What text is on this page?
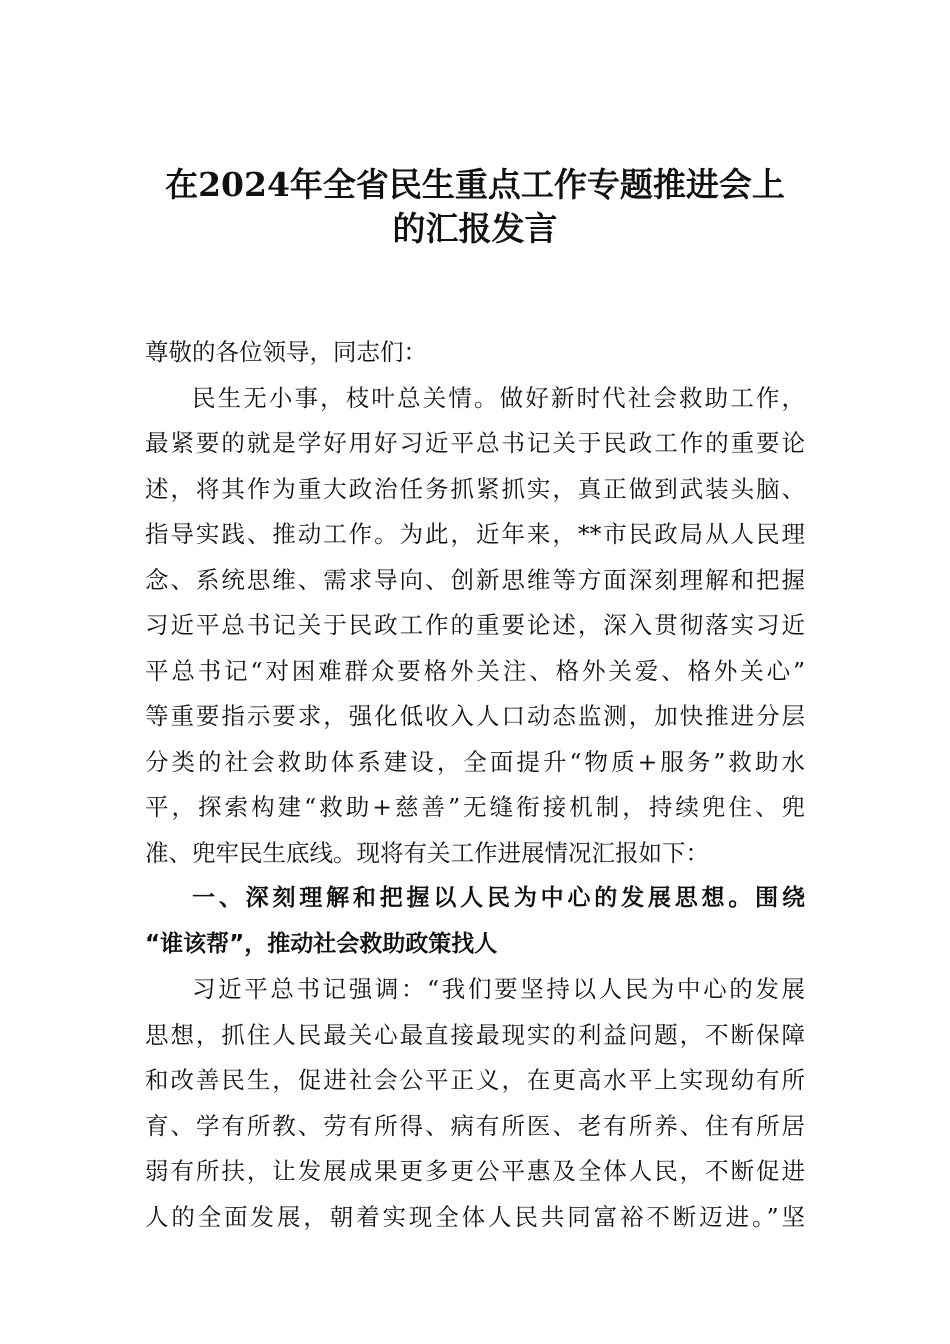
在2024年全省民生重点工作专题推进会上
的汇报发言
尊敬的各位领导，同志们：
民生无小事，枝叶总关情。做好新时代社会救助工作，
最紧要的就是学好用好习近平总书记关于民政工作的重要论
述，将其作为重大政治任务抓紧抓实，真正做到武装头脑、
指导实践、推动工作。为此，近年来，**市民政局从人民理
念、系统思维、需求导向、创新思维等方面深刻理解和把握
习近平总书记关于民政工作的重要论述，深入贯彻落实习近
平总书记“对困难群众要格外关注、格外关爱、格外关心”
等重要指示要求，强化低收入人口动态监测，加快推进分层
分类的社会救助体系建设，全面提升“物质+服务”救助水
平，探索构建“救助+慈善”无缝衔接机制，持续兜住、兜
准、兜牢民生底线。现将有关工作进展情况汇报如下：
一、深刻理解和把握以人民为中心的发展思想。围绕
“谁该帮”，推动社会救助政策找人
习近平总书记强调：“我们要坚持以人民为中心的发展
思想，抓住人民最关心最直接最现实的利益问题，不断保障
和改善民生，促进社会公平正义，在更高水平上实现幼有所
育、学有所教、劳有所得、病有所医、老有所养、住有所居
弱有所扶，让发展成果更多更公平惠及全体人民，不断促进
人的全面发展，朝着实现全体人民共同富裕不断迈进。”坚
